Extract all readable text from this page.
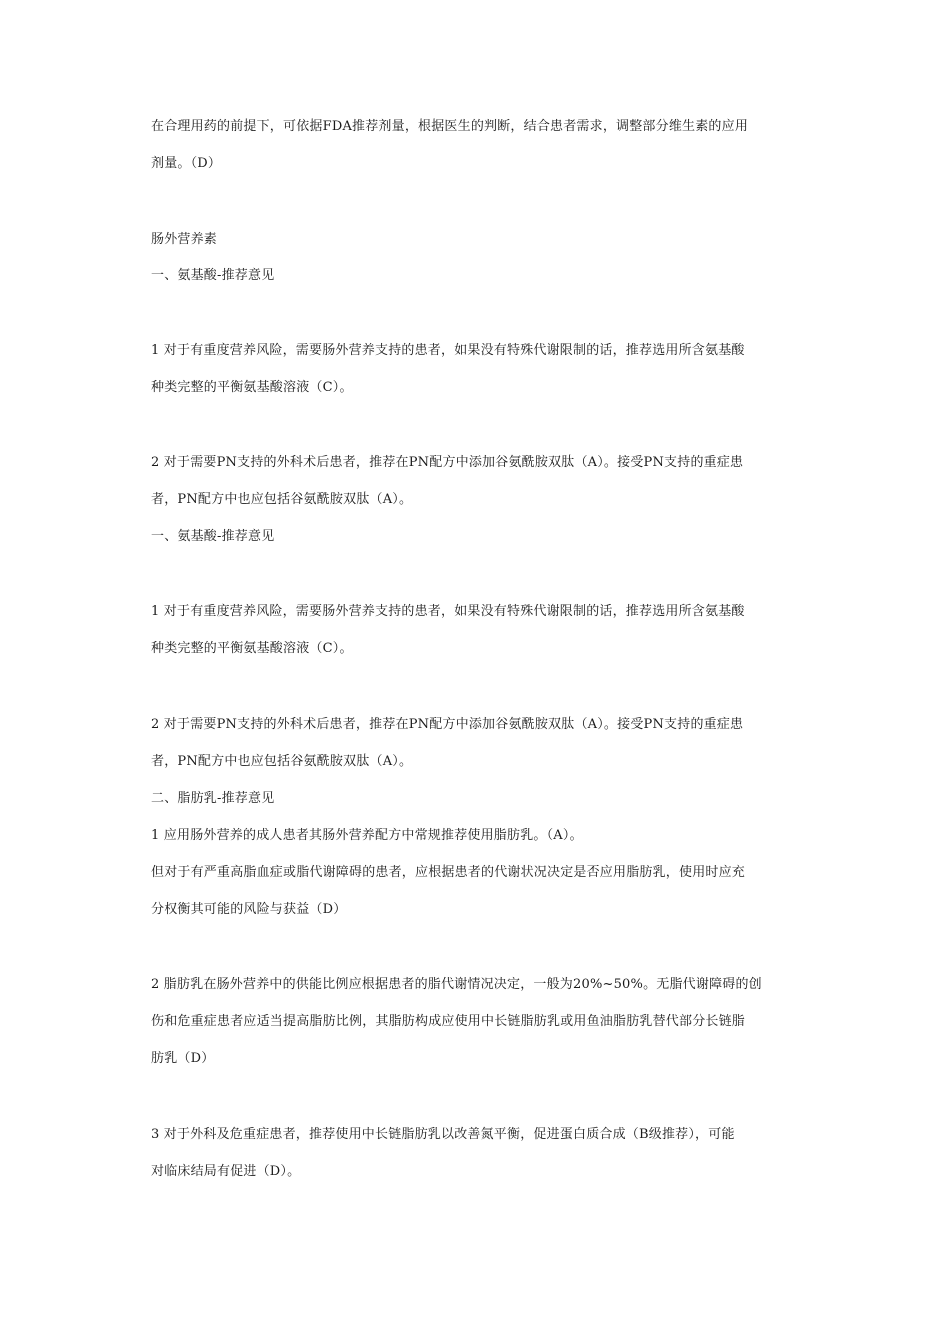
在合理用药的前提下，可依据FDA推荐剂量，根据医生的判断，结合患者需求，调整部分维生素的应用
剂量。（D）
肠外营养素
一、氨基酸-推荐意见
1 对于有重度营养风险，需要肠外营养支持的患者，如果没有特殊代谢限制的话，推荐选用所含氨基酸
种类完整的平衡氨基酸溶液（C）。
2 对于需要PN支持的外科术后患者，推荐在PN配方中添加谷氨酰胺双肽（A）。接受PN支持的重症患
者，PN配方中也应包括谷氨酰胺双肽（A）。
一、氨基酸-推荐意见
1 对于有重度营养风险，需要肠外营养支持的患者，如果没有特殊代谢限制的话，推荐选用所含氨基酸
种类完整的平衡氨基酸溶液（C）。
2 对于需要PN支持的外科术后患者，推荐在PN配方中添加谷氨酰胺双肽（A）。接受PN支持的重症患
者，PN配方中也应包括谷氨酰胺双肽（A）。
二、脂肪乳-推荐意见
1 应用肠外营养的成人患者其肠外营养配方中常规推荐使用脂肪乳。（A）。
但对于有严重高脂血症或脂代谢障碍的患者，应根据患者的代谢状况决定是否应用脂肪乳，使用时应充
分权衡其可能的风险与获益（D）
2 脂肪乳在肠外营养中的供能比例应根据患者的脂代谢情况决定，一般为20%~50%。无脂代谢障碍的创
伤和危重症患者应适当提高脂肪比例，其脂肪构成应使用中长链脂肪乳或用鱼油脂肪乳替代部分长链脂
肪乳（D）
3 对于外科及危重症患者，推荐使用中长链脂肪乳以改善氮平衡，促进蛋白质合成（B级推荐），可能
对临床结局有促进（D）。
